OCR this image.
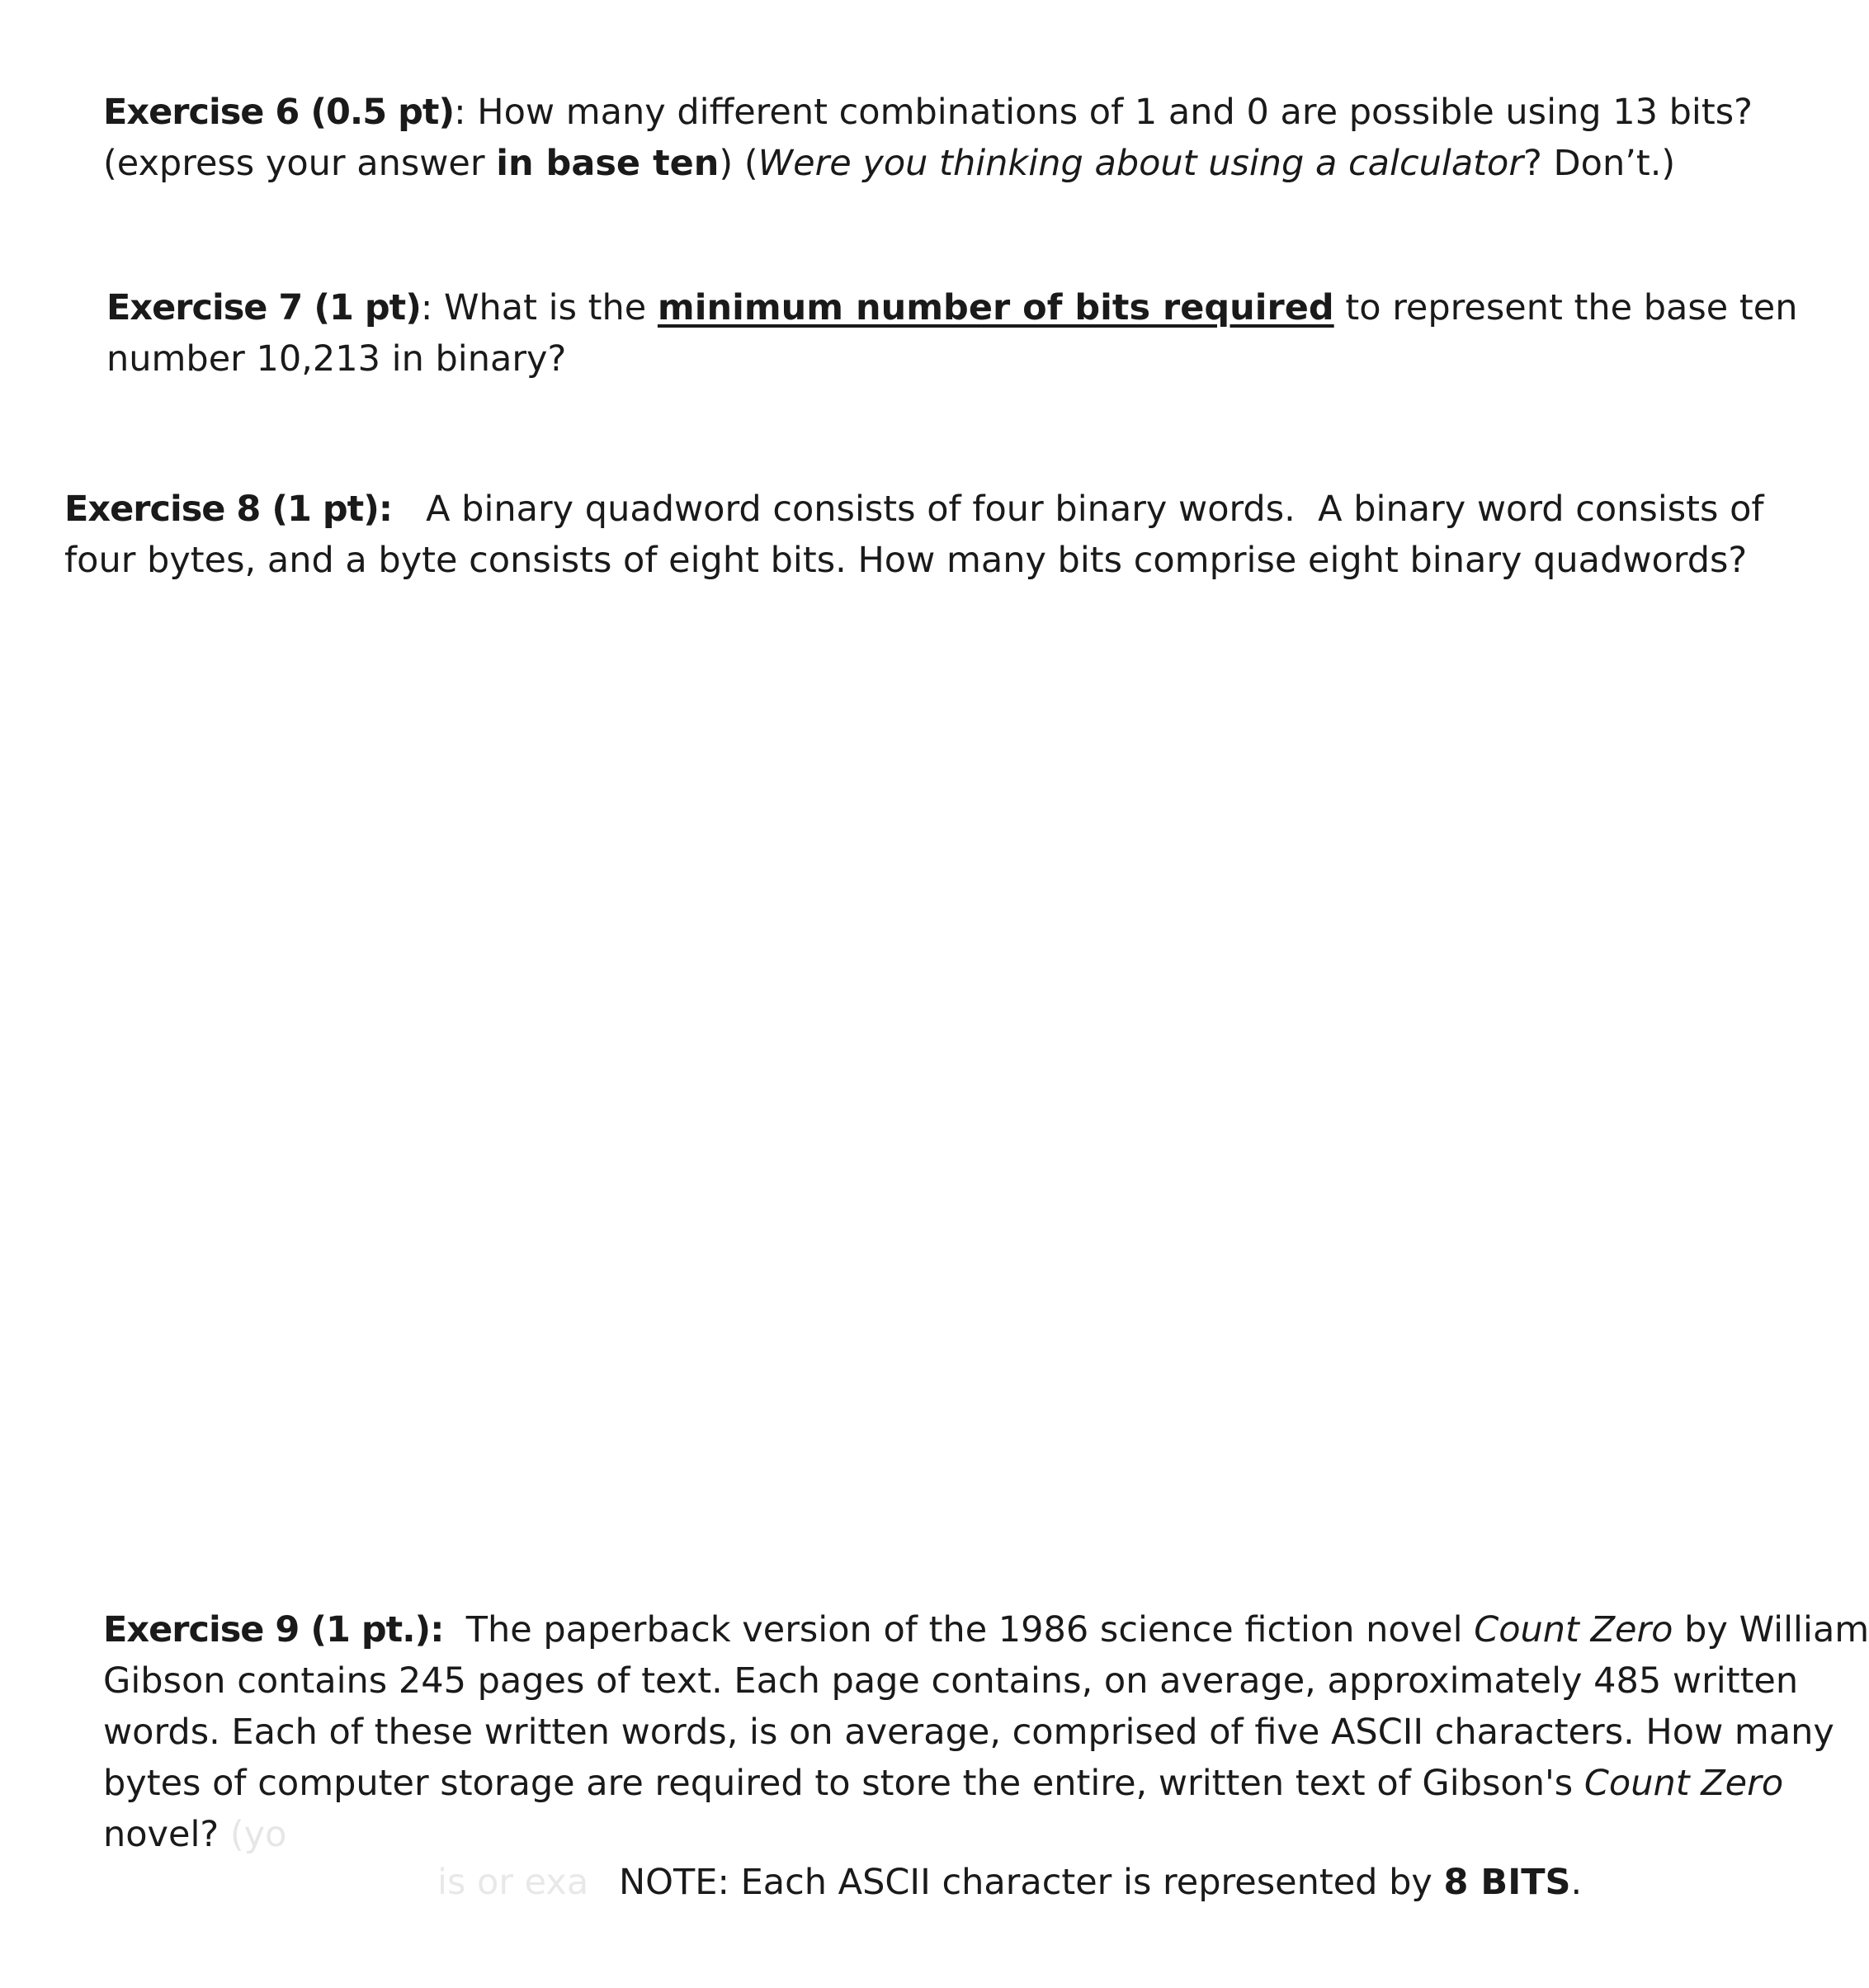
Exercise 6 (0.5 pt): How many different combinations of 1 and 0 are possible using 13 bits?

(express your answer in base ten) (Were you thinking about using a calculator? Don’t.)

Exercise 7 (1 pt): What is the minimum number of bits required to represent the base ten

number 10,213 in binary?

Exercise 8 (1 pt):   A binary quadword consists of four binary words.  A binary word consists of

four bytes, and a byte consists of eight bits. How many bits comprise eight binary quadwords?

Exercise 9 (1 pt.):  The paperback version of the 1986 science fiction novel Count Zero by William

Gibson contains 245 pages of text. Each page contains, on average, approximately 485 written

words. Each of these written words, is on average, comprised of five ASCII characters. How many

bytes of computer storage are required to store the entire, written text of Gibson's Count Zero

novel? (yo

is or exa NOTE: Each ASCII character is represented by 8 BITS.
